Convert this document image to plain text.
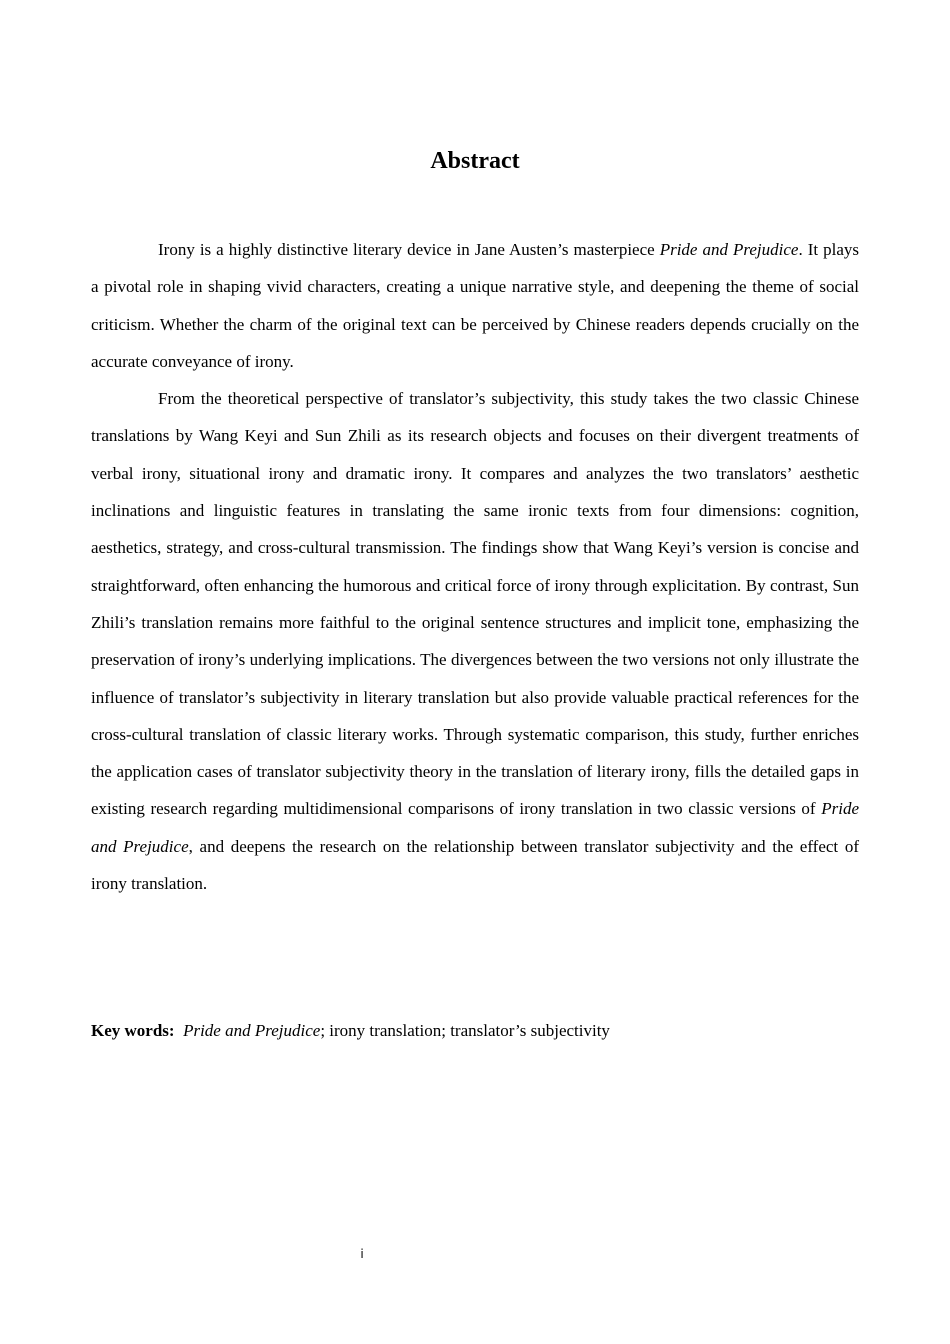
Abstract

Irony is a highly distinctive literary device in Jane Austen’s masterpiece Pride and Prejudice. It plays a pivotal role in shaping vivid characters, creating a unique narrative style, and deepening the theme of social criticism. Whether the charm of the original text can be perceived by Chinese readers depends crucially on the accurate conveyance of irony.

From the theoretical perspective of translator’s subjectivity, this study takes the two classic Chinese translations by Wang Keyi and Sun Zhili as its research objects and focuses on their divergent treatments of verbal irony, situational irony and dramatic irony. It compares and analyzes the two translators’ aesthetic inclinations and linguistic features in translating the same ironic texts from four dimensions: cognition, aesthetics, strategy, and cross-cultural transmission. The findings show that Wang Keyi’s version is concise and straightforward, often enhancing the humorous and critical force of irony through explicitation. By contrast, Sun Zhili’s translation remains more faithful to the original sentence structures and implicit tone, emphasizing the preservation of irony’s underlying implications. The divergences between the two versions not only illustrate the influence of translator’s subjectivity in literary translation but also provide valuable practical references for the cross-cultural translation of classic literary works. Through systematic comparison, this study, further enriches the application cases of translator subjectivity theory in the translation of literary irony, fills the detailed gaps in existing research regarding multidimensional comparisons of irony translation in two classic versions of Pride and Prejudice, and deepens the research on the relationship between translator subjectivity and the effect of irony translation.

Key words: Pride and Prejudice; irony translation; translator’s subjectivity

i
